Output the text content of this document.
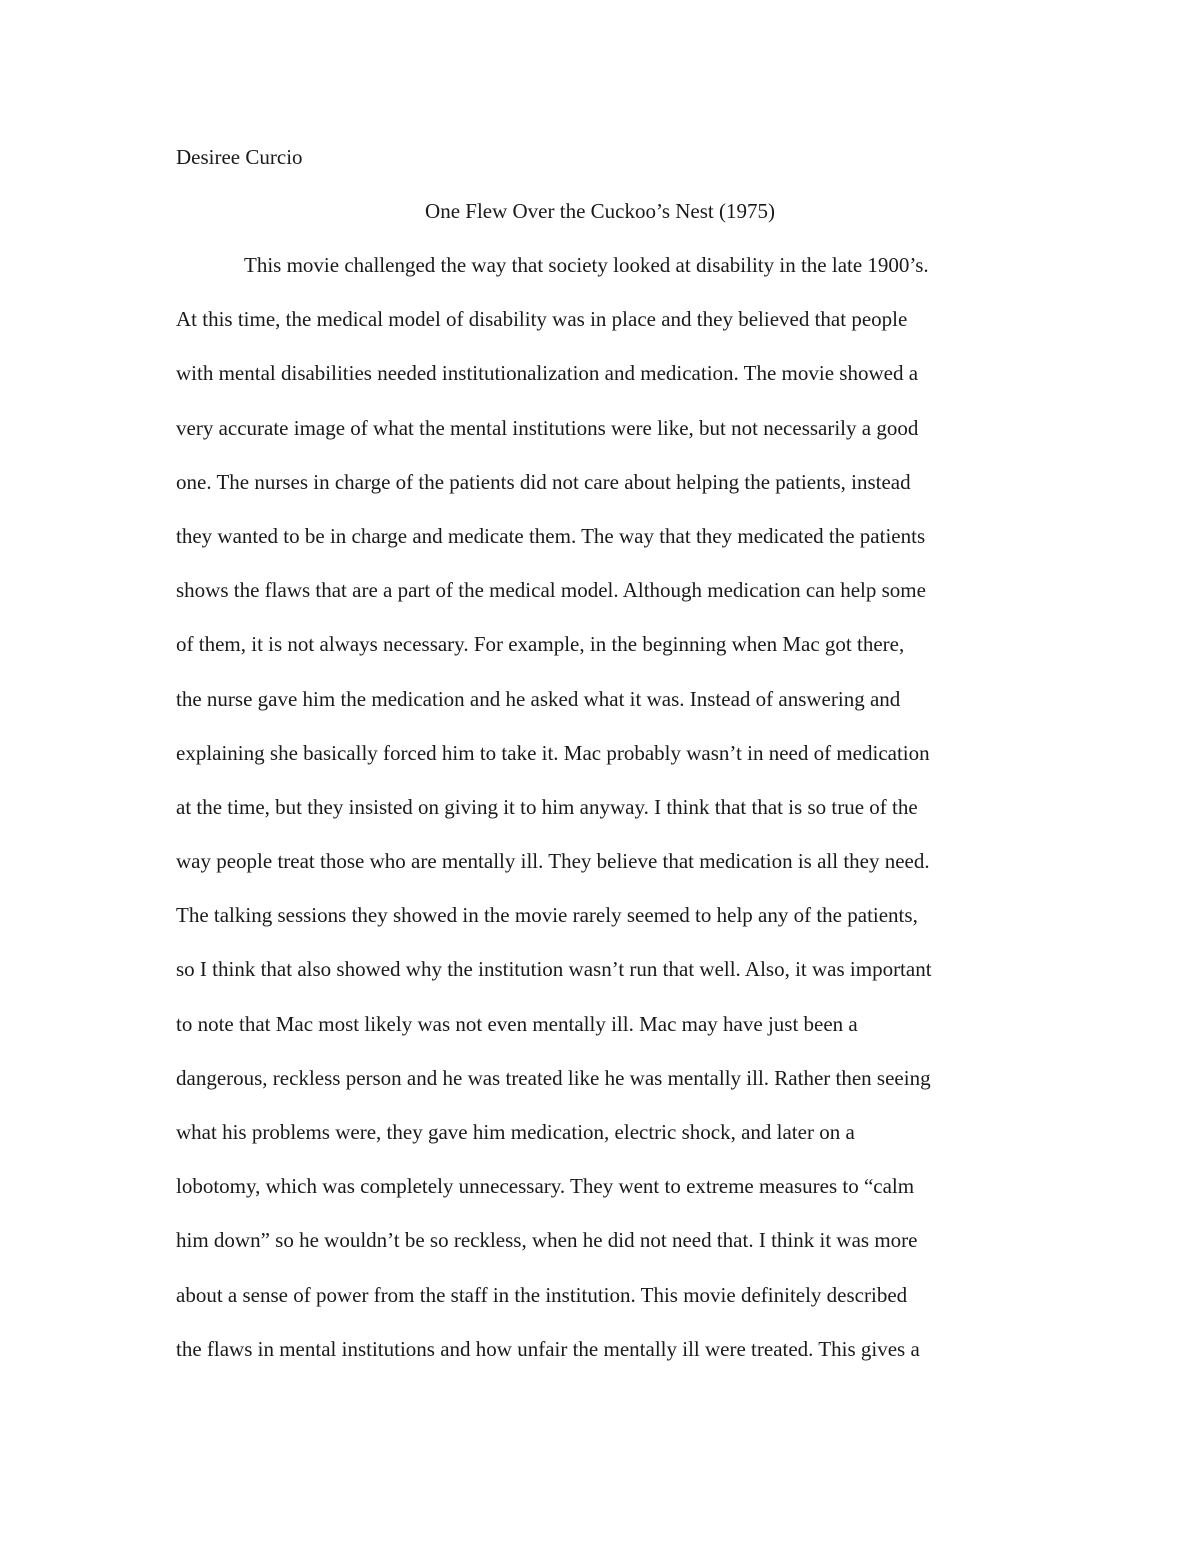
Desiree Curcio
One Flew Over the Cuckoo’s Nest (1975)
This movie challenged the way that society looked at disability in the late 1900’s.
At this time, the medical model of disability was in place and they believed that people
with mental disabilities needed institutionalization and medication. The movie showed a
very accurate image of what the mental institutions were like, but not necessarily a good
one. The nurses in charge of the patients did not care about helping the patients, instead
they wanted to be in charge and medicate them. The way that they medicated the patients
shows the flaws that are a part of the medical model. Although medication can help some
of them, it is not always necessary. For example, in the beginning when Mac got there,
the nurse gave him the medication and he asked what it was. Instead of answering and
explaining she basically forced him to take it. Mac probably wasn’t in need of medication
at the time, but they insisted on giving it to him anyway. I think that that is so true of the
way people treat those who are mentally ill. They believe that medication is all they need.
The talking sessions they showed in the movie rarely seemed to help any of the patients,
so I think that also showed why the institution wasn’t run that well. Also, it was important
to note that Mac most likely was not even mentally ill. Mac may have just been a
dangerous, reckless person and he was treated like he was mentally ill. Rather then seeing
what his problems were, they gave him medication, electric shock, and later on a
lobotomy, which was completely unnecessary. They went to extreme measures to “calm
him down” so he wouldn’t be so reckless, when he did not need that. I think it was more
about a sense of power from the staff in the institution. This movie definitely described
the flaws in mental institutions and how unfair the mentally ill were treated. This gives a
